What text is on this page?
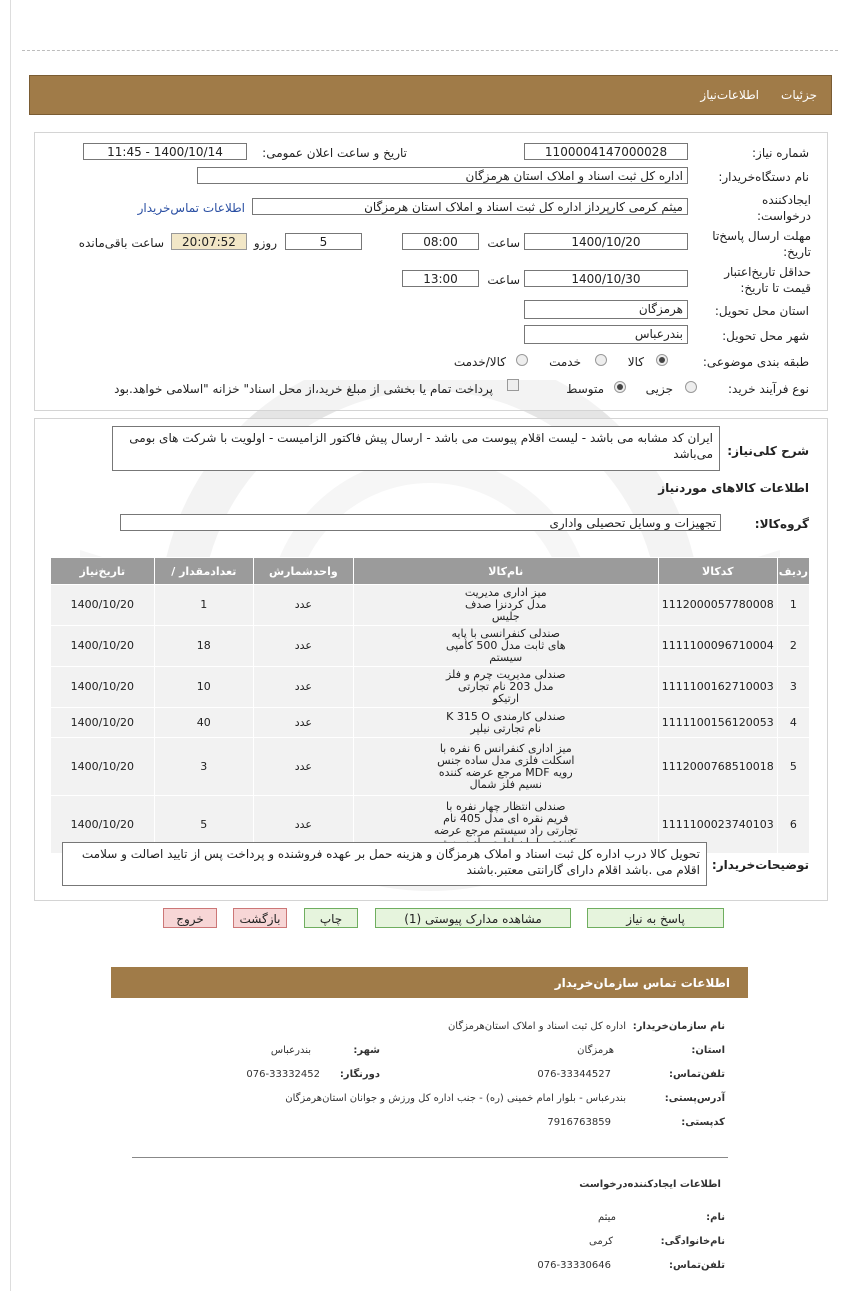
جزئیات
اطلاعات‌نیاز
شماره نیاز:
1100004147000028
تاریخ و ساعت اعلان عمومی:
1400/10/14 - 11:45
نام دستگاه‌خریدار:
اداره کل ثبت اسناد و املاک استان هرمزگان
ایجادکننده
درخواست:
میثم کرمی کارپرداز اداره کل ثبت اسناد و املاک استان هرمزگان
اطلاعات تماس‌خریدار
مهلت ارسال پاسخ‌تا
تاریخ:
1400/10/20
ساعت
08:00
5
روزو
20:07:52
ساعت باقی‌مانده
حداقل تاریخ‌اعتبار
قیمت تا تاریخ:
1400/10/30
ساعت
13:00
استان محل تحویل:
هرمزگان
شهر محل تحویل:
بندرعباس
طبقه بندی موضوعی:
کالا
خدمت
کالا/خدمت
نوع فرآیند خرید:
جزیی
متوسط
پرداخت تمام یا بخشی از مبلغ خرید،از محل اسناد" خزانه "اسلامی خواهد.بود
شرح کلی‌نیاز:
ایران کد مشابه می باشد - لیست اقلام پیوست می باشد - ارسال پیش فاکتور الزامیست - اولویت با شرکت های بومی می‌باشد
اطلاعات کالاهای موردنیاز
گروه‌کالا:
تجهیزات و وسایل تحصیلی واداری
ردیف	کدکالا	نام‌کالا	واحدشمارش	تعداد‌مقدار /	تاریخ‌نیاز
1	1112000057780008	میز اداری مدیریت مدل کردنزا صدف جلیس	عدد	1	1400/10/20
2	1111100096710004	صندلی کنفرانسی با پایه های ثابت مدل 500 کامپی سیستم	عدد	18	1400/10/20
3	1111100162710003	صندلی مدیریت چرم و فلز مدل 203 نام تجارتی ارتیکو	عدد	10	1400/10/20
4	1111100156120053	صندلی کارمندی K 315 O نام تجارتی نیلپر	عدد	40	1400/10/20
5	1112000768510018	میز اداری کنفرانس 6 نفره با اسکلت فلزی مدل ساده جنس رویه MDF مرجع عرضه کننده نسیم فلز شمال	عدد	3	1400/10/20
6	1111100023740103	صندلی انتظار چهار نفره با فریم نقره ای مدل 405 نام تجارتی راد سیستم مرجع عرضه	عدد	5	1400/10/20
توضیحات‌خریدار:
تحویل کالا درب اداره کل ثبت اسناد و املاک هرمزگان و هزینه حمل بر عهده فروشنده و پرداخت پس از تایید اصالت و سلامت اقلام می .باشد اقلام دارای گارانتی معتبر.باشند
پاسخ به نیاز
مشاهده مدارک پیوستی (1)
چاپ
بازگشت
خروج
اطلاعات تماس سازمان‌خریدار
نام سازمان‌خریدار:
اداره کل ثبت اسناد و املاک استان‌هرمزگان
استان:
هرمزگان
شهر:
بندرعباس
تلفن‌تماس:
076-33344527
دورنگار:
076-33332452
آدرس‌پستی:
بندرعباس - بلوار امام خمینی (ره) - جنب اداره کل ورزش و جوانان استان‌هرمزگان
کدپستی:
7916763859
اطلاعات ایجادکننده‌درخواست
نام:
میثم
نام‌خانوادگی:
کرمی
تلفن‌تماس:
076-33330646
